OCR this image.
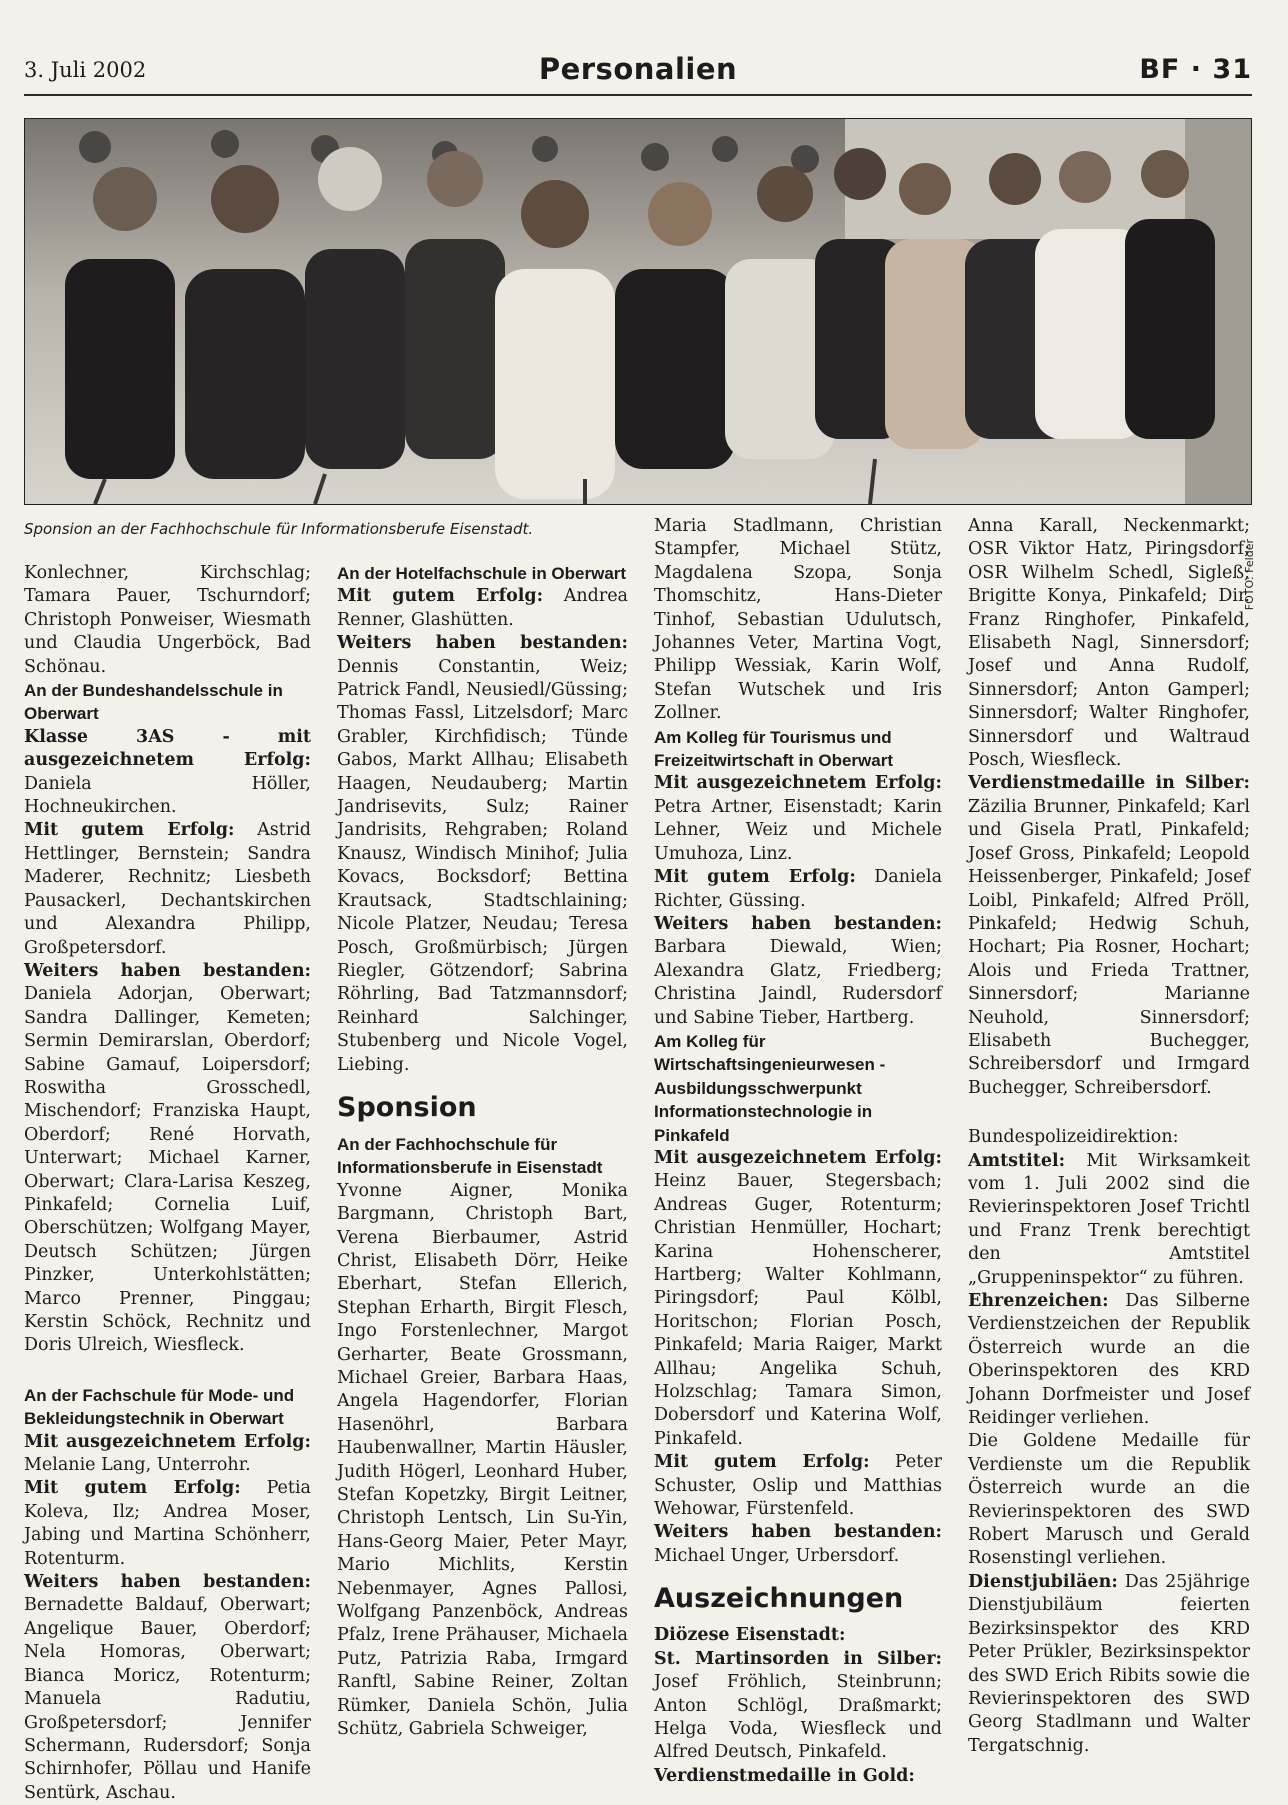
3. Juli 2002	Personalien	BF · 31
FOTO: Felder
Sponsion an der Fachhochschule für Informationsberufe Eisenstadt.

Konlechner, Kirchschlag; Tamara Pauer, Tschurndorf; Christoph Ponweiser, Wiesmath und Claudia Ungerböck, Bad Schönau.

An der Bundeshandelsschule in Oberwart

Klasse 3AS - mit ausgezeichnetem Erfolg: Daniela Höller, Hochneukirchen.

Mit gutem Erfolg: Astrid Hettlinger, Bernstein; Sandra Maderer, Rechnitz; Liesbeth Pausackerl, Dechantskirchen und Alexandra Philipp, Großpetersdorf.

Weiters haben bestanden: Daniela Adorjan, Oberwart; Sandra Dallinger, Kemeten; Sermin Demirarslan, Oberdorf; Sabine Gamauf, Loipersdorf; Roswitha Grosschedl, Mischendorf; Franziska Haupt, Oberdorf; René Horvath, Unterwart; Michael Karner, Oberwart; Clara-Larisa Keszeg, Pinkafeld; Cornelia Luif, Oberschützen; Wolfgang Mayer, Deutsch Schützen; Jürgen Pinzker, Unterkohlstätten; Marco Prenner, Pinggau; Kerstin Schöck, Rechnitz und Doris Ulreich, Wiesfleck.

An der Fachschule für Mode- und Bekleidungstechnik in Oberwart

Mit ausgezeichnetem Erfolg: Melanie Lang, Unterrohr.

Mit gutem Erfolg: Petia Koleva, Ilz; Andrea Moser, Jabing und Martina Schönherr, Rotenturm.

Weiters haben bestanden: Bernadette Baldauf, Oberwart; Angelique Bauer, Oberdorf; Nela Homoras, Oberwart; Bianca Moricz, Rotenturm; Manuela Radutiu, Großpetersdorf; Jennifer Schermann, Rudersdorf; Sonja Schirnhofer, Pöllau und Hanife Sentürk, Aschau.

An der Hotelfachschule in Oberwart

Mit gutem Erfolg: Andrea Renner, Glashütten.

Weiters haben bestanden: Dennis Constantin, Weiz; Patrick Fandl, Neusiedl/Güssing; Thomas Fassl, Litzelsdorf; Marc Grabler, Kirchfidisch; Tünde Gabos, Markt Allhau; Elisabeth Haagen, Neudauberg; Martin Jandrisevits, Sulz; Rainer Jandrisits, Rehgraben; Roland Knausz, Windisch Minihof; Julia Kovacs, Bocksdorf; Bettina Krautsack, Stadtschlaining; Nicole Platzer, Neudau; Teresa Posch, Großmürbisch; Jürgen Riegler, Götzendorf; Sabrina Röhrling, Bad Tatzmannsdorf; Reinhard Salchinger, Stubenberg und Nicole Vogel, Liebing.

Sponsion

An der Fachhochschule für Informationsberufe in Eisenstadt

Yvonne Aigner, Monika Bargmann, Christoph Bart, Verena Bierbaumer, Astrid Christ, Elisabeth Dörr, Heike Eberhart, Stefan Ellerich, Stephan Erharth, Birgit Flesch, Ingo Forstenlechner, Margot Gerharter, Beate Grossmann, Michael Greier, Barbara Haas, Angela Hagendorfer, Florian Hasenöhrl, Barbara Haubenwallner, Martin Häusler, Judith Högerl, Leonhard Huber, Stefan Kopetzky, Birgit Leitner, Christoph Lentsch, Lin Su-Yin, Hans-Georg Maier, Peter Mayr, Mario Michlits, Kerstin Nebenmayer, Agnes Pallosi, Wolfgang Panzenböck, Andreas Pfalz, Irene Prähauser, Michaela Putz, Patrizia Raba, Irmgard Ranftl, Sabine Reiner, Zoltan Rümker, Daniela Schön, Julia Schütz, Gabriela Schweiger,

Maria Stadlmann, Christian Stampfer, Michael Stütz, Magdalena Szopa, Sonja Thomschitz, Hans-Dieter Tinhof, Sebastian Udulutsch, Johannes Veter, Martina Vogt, Philipp Wessiak, Karin Wolf, Stefan Wutschek und Iris Zollner.

Am Kolleg für Tourismus und Freizeitwirtschaft in Oberwart

Mit ausgezeichnetem Erfolg: Petra Artner, Eisenstadt; Karin Lehner, Weiz und Michele Umuhoza, Linz.

Mit gutem Erfolg: Daniela Richter, Güssing.

Weiters haben bestanden: Barbara Diewald, Wien; Alexandra Glatz, Friedberg; Christina Jaindl, Rudersdorf und Sabine Tieber, Hartberg.

Am Kolleg für Wirtschaftsingenieurwesen - Ausbildungsschwerpunkt Informationstechnologie in Pinkafeld

Mit ausgezeichnetem Erfolg: Heinz Bauer, Stegersbach; Andreas Guger, Rotenturm; Christian Henmüller, Hochart; Karina Hohenscherer, Hartberg; Walter Kohlmann, Piringsdorf; Paul Kölbl, Horitschon; Florian Posch, Pinkafeld; Maria Raiger, Markt Allhau; Angelika Schuh, Holzschlag; Tamara Simon, Dobersdorf und Katerina Wolf, Pinkafeld.

Mit gutem Erfolg: Peter Schuster, Oslip und Matthias Wehowar, Fürstenfeld.

Weiters haben bestanden: Michael Unger, Urbersdorf.

Auszeichnungen

Diözese Eisenstadt:

St. Martinsorden in Silber: Josef Fröhlich, Steinbrunn; Anton Schlögl, Draßmarkt; Helga Voda, Wiesfleck und Alfred Deutsch, Pinkafeld.

Verdienstmedaille in Gold:

Anna Karall, Neckenmarkt; OSR Viktor Hatz, Piringsdorf; OSR Wilhelm Schedl, Sigleß; Brigitte Konya, Pinkafeld; Dir. Franz Ringhofer, Pinkafeld, Elisabeth Nagl, Sinnersdorf; Josef und Anna Rudolf, Sinnersdorf; Anton Gamperl; Sinnersdorf; Walter Ringhofer, Sinnersdorf und Waltraud Posch, Wiesfleck.

Verdienstmedaille in Silber: Zäzilia Brunner, Pinkafeld; Karl und Gisela Pratl, Pinkafeld; Josef Gross, Pinkafeld; Leopold Heissenberger, Pinkafeld; Josef Loibl, Pinkafeld; Alfred Pröll, Pinkafeld; Hedwig Schuh, Hochart; Pia Rosner, Hochart; Alois und Frieda Trattner, Sinnersdorf; Marianne Neuhold, Sinnersdorf; Elisabeth Buchegger, Schreibersdorf und Irmgard Buchegger, Schreibersdorf.

Bundespolizeidirektion:

Amtstitel: Mit Wirksamkeit vom 1. Juli 2002 sind die Revierinspektoren Josef Trichtl und Franz Trenk berechtigt den Amtstitel „Gruppeninspektor“ zu führen.

Ehrenzeichen: Das Silberne Verdienstzeichen der Republik Österreich wurde an die Oberinspektoren des KRD Johann Dorfmeister und Josef Reidinger verliehen.

Die Goldene Medaille für Verdienste um die Republik Österreich wurde an die Revierinspektoren des SWD Robert Marusch und Gerald Rosenstingl verliehen.

Dienstjubiläen: Das 25jährige Dienstjubiläum feierten Bezirksinspektor des KRD Peter Prükler, Bezirksinspektor des SWD Erich Ribits sowie die Revierinspektoren des SWD Georg Stadlmann und Walter Tergatschnig.
